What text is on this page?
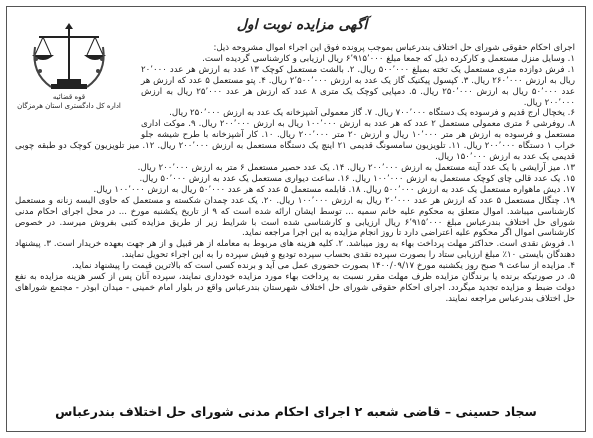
قوه قضائیه
اداره کل دادگستری استان هرمزگان
آگهی مزایده نوبت اول

اجرای احکام حقوقی شورای حل اختلاف بندرعباس بموجب پرونده فوق این اجراء اموال مشروحه ذیل:

۱. وسایل منزل مستعمل و کارکرده ذیل که جمعا مبلغ ۶٬۹۱۵٬۰۰۰ ریال ارزیابی و کارشناسی گردیده است.

۱. فرش دوازده متری مستعمل یک تخته بمبلغ ۵۰۰٬۰۰۰ ریال. ۲. بالشت مستعمل کوچک ۱۳ عدد به ارزش هر عدد ۲۰٬۰۰۰ ریال به ارزش ۲۶۰٬۰۰۰ ریال. ۳. کپسول پیکنیک گاز یک عدد به ارزش ۲٬۵۰۰٬۰۰۰ ریال. ۴. پتو مستعمل ۵ عدد که ارزش هر عدد ۵۰٬۰۰۰ ریال به ارزش ۲۵۰٬۰۰۰ ریال. ۵. دمپایی کوچک یک متری ۸ عدد که ارزش هر عدد ۲۵٬۰۰۰ ریال به ارزش ۲۰۰٬۰۰۰ ریال.

۶. یخچال ارج قدیم و فرسوده یک دستگاه ۷۰۰٬۰۰۰ ریال. ۷. گاز معمولی آشپزخانه یک عدد به ارزش ۲۵۰٬۰۰۰ ریال.

۸. روفرشی ۶ متری معمولی مستعمل ۲ عدد که هر عدد به ارزش ۱۰۰٬۰۰۰ ریال به ارزش ۲۰۰٬۰۰۰ ریال. ۹. موکت اداری مستعمل و فرسوده به ارزش هر متر ۱۰٬۰۰۰ ریال و ارزش ۲۰ متر ۲۰۰٬۰۰۰ ریال. ۱۰. کار آشپزخانه با طرح شیشه جلو خراب ۱ دستگاه ۲۰۰٬۰۰۰ ریال. ۱۱. تلویزیون سامسونگ قدیمی ۲۱ اینچ یک دستگاه مستعمل به ارزش ۲۰۰٬۰۰۰ ریال. ۱۲. میز تلویزیون کوچک دو طبقه چوبی قدیمی یک عدد به ارزش ۱۵۰٬۰۰۰ ریال.

۱۳. میز آرایشی با یک عدد آینه مستعمل به ارزش ۲۰۰٬۰۰۰ ریال. ۱۴. یک عدد حصیر مستعمل ۶ متر به ارزش ۲۰۰٬۰۰۰ ریال.

۱۵. یک عدد قالی چای کوچک مستعمل به ارزش ۱۰۰٬۰۰۰ ریال. ۱۶. ساعت دیواری مستعمل یک عدد به ارزش ۵۰٬۰۰۰ ریال.

۱۷. دیش ماهواره مستعمل یک عدد به ارزش ۵۰۰٬۰۰۰ ریال. ۱۸. قابلمه مستعمل ۵ عدد که هر عدد ۵۰٬۰۰۰ ریال به ارزش ۱۰۰٬۰۰۰ ریال.

۱۹. چنگال مستعمل ۵ عدد که ارزش هر عدد ۲۰٬۰۰۰ ریال به ارزش ۱۰۰٬۰۰۰ ریال. ۲۰. یک عدد چمدان شکسته و مستعمل که حاوی البسه زنانه و مستعمل کارشناسی میباشد. اموال متعلق به محکوم علیه خانم سمیه ... توسط ایشان ارائه شده است که ۹ از تاریخ یکشنبه مورخ ... در محل اجرای احکام مدنی شورای حل اختلاف بندرعباس مبلغ ۶٬۹۱۵٬۰۰۰ ریال ارزیابی و کارشناسی شده است با شرایط زیر از طریق مزایده کتبی بفروش میرسد. در خصوص کارشناسی اموال اگر محکوم علیه اعتراضی دارد تا روز انجام مزایده به این اجرا مراجعه نماید.

۱. فروش نقدی است. حداکثر مهلت پرداخت بهاء به روز میباشد. ۲. کلیه هزینه های مربوط به معامله از هر قبیل و از هر جهت بعهده خریدار است. ۳. پیشنهاد دهندگان بایستی ۱۰٪ مبلغ ارزیابی ستاد را بصورت سپرده نقدی بحساب سپرده تودیع و فیش سپرده را به این اجراء تحویل نمایند.

۴. مزایده از ساعت ۹ صبح روز یکشنبه مورخ ۱۴۰۰/۰۹/۱۷ بصورت حضوری عمل می آید و برنده کسی است که بالاترین قیمت را پیشنهاد نماید.

۵. در صورتیکه برنده یا برندگان مزایده ظرف مهلت مقرر نسبت به پرداخت بهاء مورد مزایده خودداری نمایند، سپرده آنان پس از کسر هزینه مزایده به نفع دولت ضبط و مزایده تجدید میگردد. اجرای احکام حقوقی شورای حل اختلاف شهرستان بندرعباس واقع در بلوار امام خمینی - میدان ابوذر - مجتمع شوراهای حل اختلاف بندرعباس مراجعه نمایند.

سجاد حسینی – قاضی شعبه ۲ اجرای احکام مدنی شورای حل اختلاف بندرعباس
